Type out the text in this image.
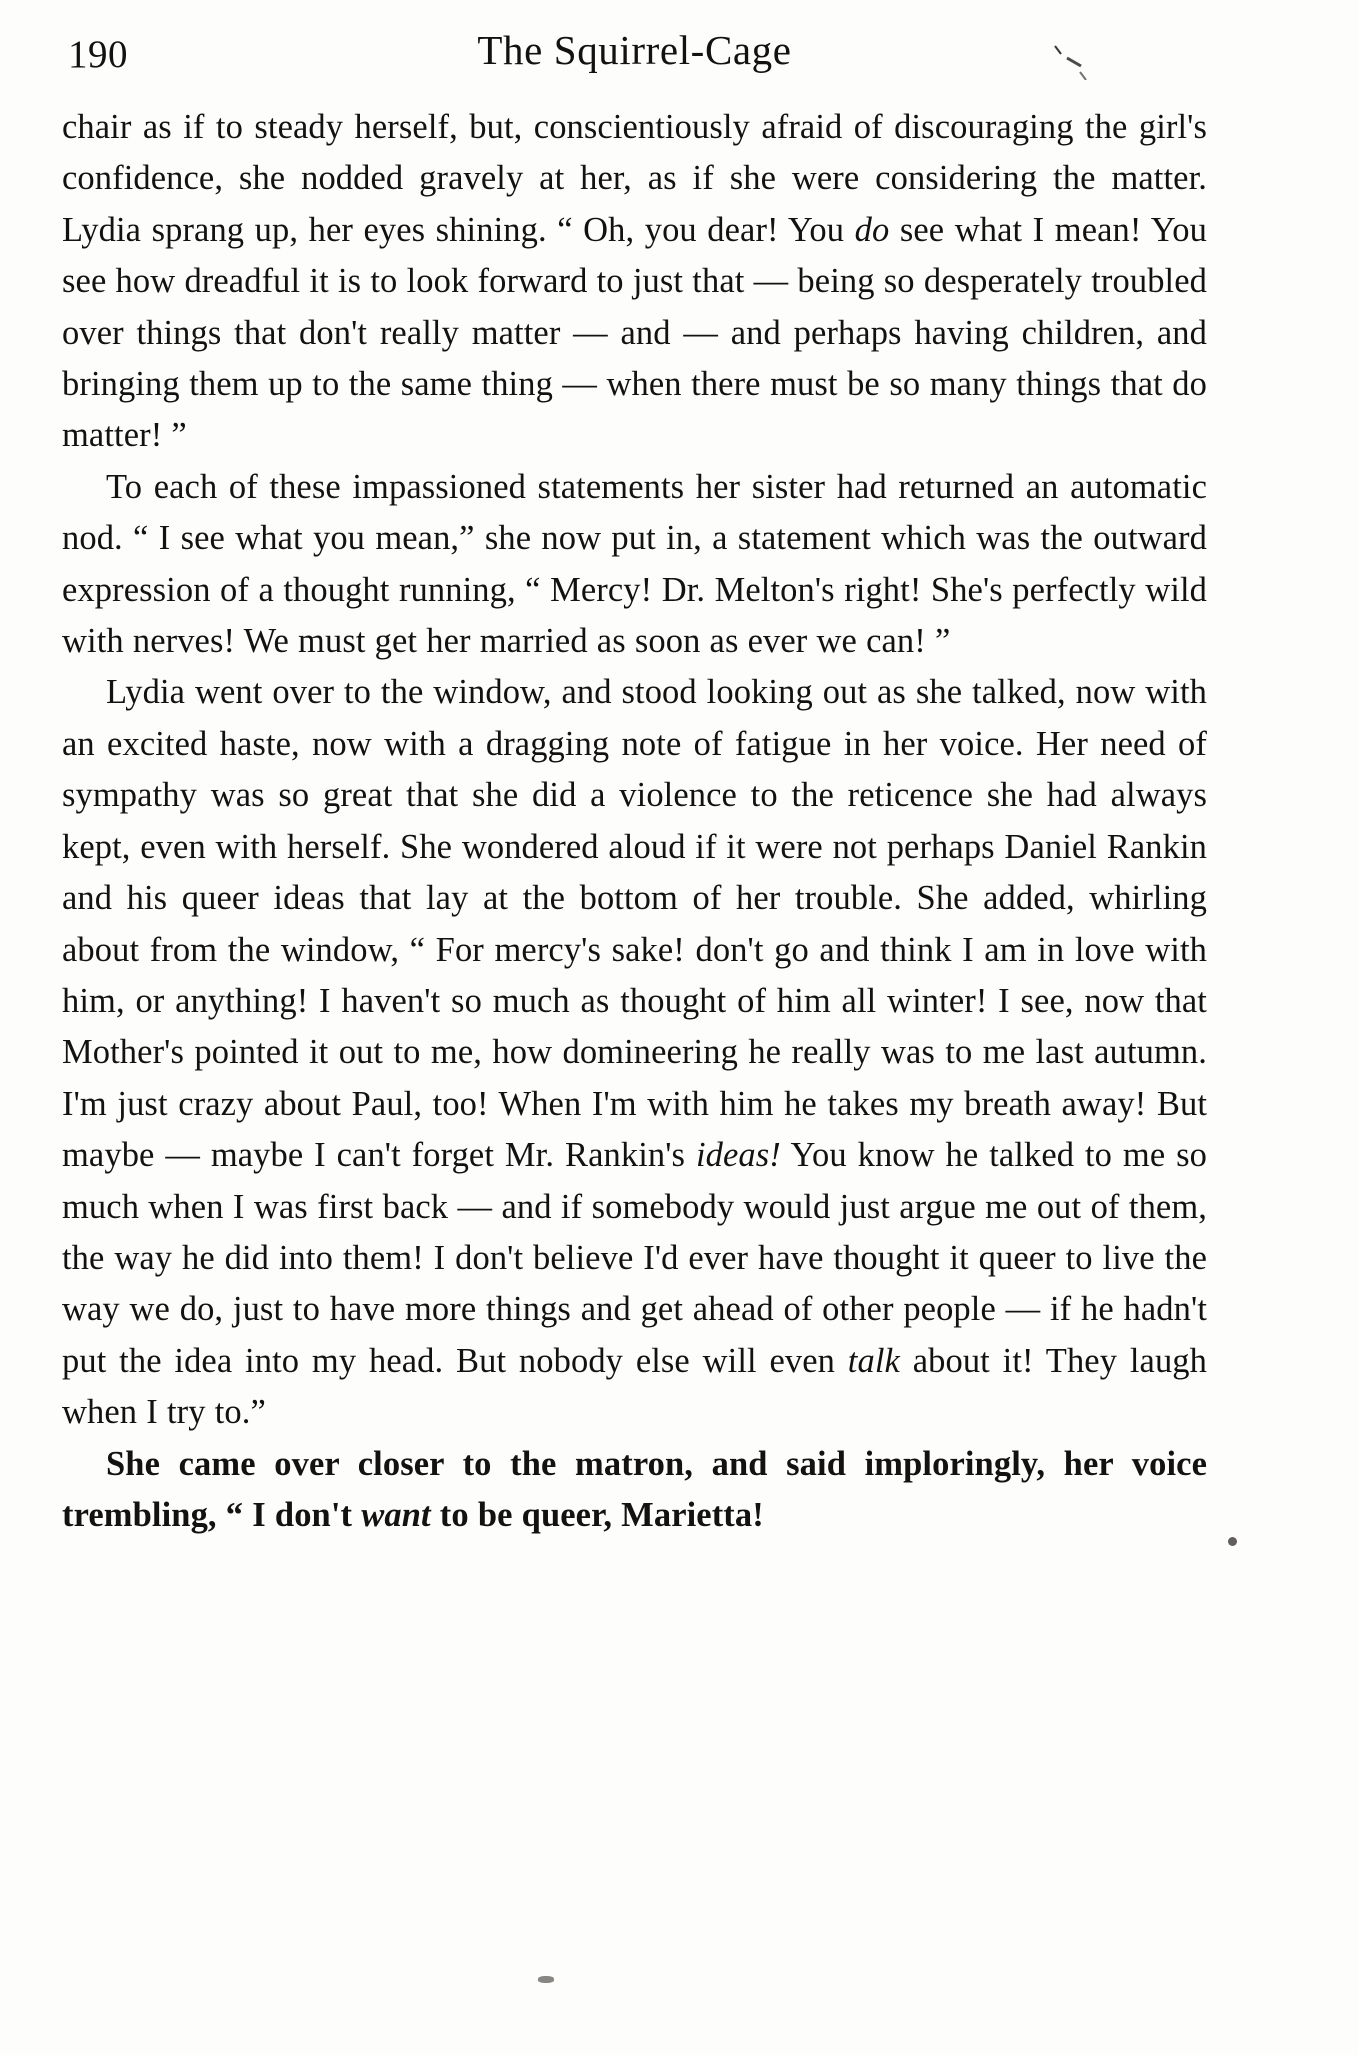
190	The Squirrel-Cage

chair as if to steady herself, but, conscientiously afraid of discouraging the girl's confidence, she nodded gravely at her, as if she were considering the matter. Lydia sprang up, her eyes shining. “ Oh, you dear! You do see what I mean! You see how dreadful it is to look forward to just that — being so desperately troubled over things that don't really matter — and — and perhaps having children, and bringing them up to the same thing — when there must be so many things that do matter! ”

To each of these impassioned statements her sister had returned an automatic nod. “ I see what you mean,” she now put in, a statement which was the outward expression of a thought running, “ Mercy! Dr. Melton's right! She's perfectly wild with nerves! We must get her married as soon as ever we can! ”

Lydia went over to the window, and stood looking out as she talked, now with an excited haste, now with a dragging note of fatigue in her voice. Her need of sympathy was so great that she did a violence to the reticence she had always kept, even with herself. She wondered aloud if it were not perhaps Daniel Rankin and his queer ideas that lay at the bottom of her trouble. She added, whirling about from the window, “ For mercy's sake! don't go and think I am in love with him, or anything! I haven't so much as thought of him all winter! I see, now that Mother's pointed it out to me, how domineering he really was to me last autumn. I'm just crazy about Paul, too! When I'm with him he takes my breath away! But maybe — maybe I can't forget Mr. Rankin's ideas! You know he talked to me so much when I was first back — and if somebody would just argue me out of them, the way he did into them! I don't believe I'd ever have thought it queer to live the way we do, just to have more things and get ahead of other people — if he hadn't put the idea into my head. But nobody else will even talk about it! They laugh when I try to.”

She came over closer to the matron, and said imploringly, her voice trembling, “ I don't want to be queer, Marietta!
